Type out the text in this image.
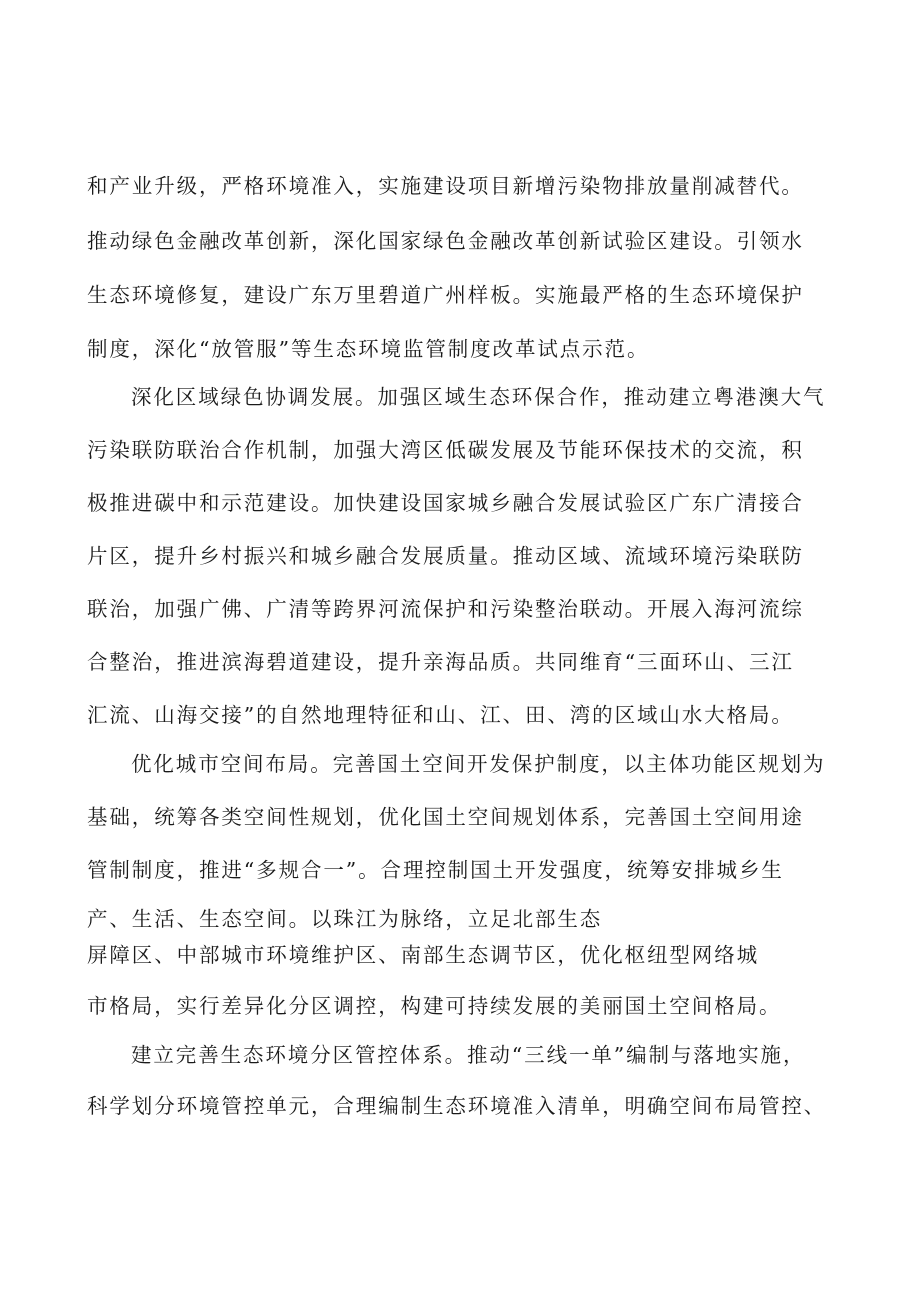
和产业升级，严格环境准入，实施建设项目新增污染物排放量削减替代。

推动绿色金融改革创新，深化国家绿色金融改革创新试验区建设。引领水

生态环境修复，建设广东万里碧道广州样板。实施最严格的生态环境保护

制度，深化“放管服”等生态环境监管制度改革试点示范。

深化区域绿色协调发展。加强区域生态环保合作，推动建立粤港澳大气

污染联防联治合作机制，加强大湾区低碳发展及节能环保技术的交流，积

极推进碳中和示范建设。加快建设国家城乡融合发展试验区广东广清接合

片区，提升乡村振兴和城乡融合发展质量。推动区域、流域环境污染联防

联治，加强广佛、广清等跨界河流保护和污染整治联动。开展入海河流综

合整治，推进滨海碧道建设，提升亲海品质。共同维育“三面环山、三江

汇流、山海交接”的自然地理特征和山、江、田、湾的区域山水大格局。

优化城市空间布局。完善国土空间开发保护制度，以主体功能区规划为

基础，统筹各类空间性规划，优化国土空间规划体系，完善国土空间用途

管制制度，推进“多规合一”。合理控制国土开发强度，统筹安排城乡生

产、生活、生态空间。以珠江为脉络，立足北部生态

屏障区、中部城市环境维护区、南部生态调节区，优化枢纽型网络城

市格局，实行差异化分区调控，构建可持续发展的美丽国土空间格局。

建立完善生态环境分区管控体系。推动“三线一单”编制与落地实施，

科学划分环境管控单元，合理编制生态环境准入清单，明确空间布局管控、
